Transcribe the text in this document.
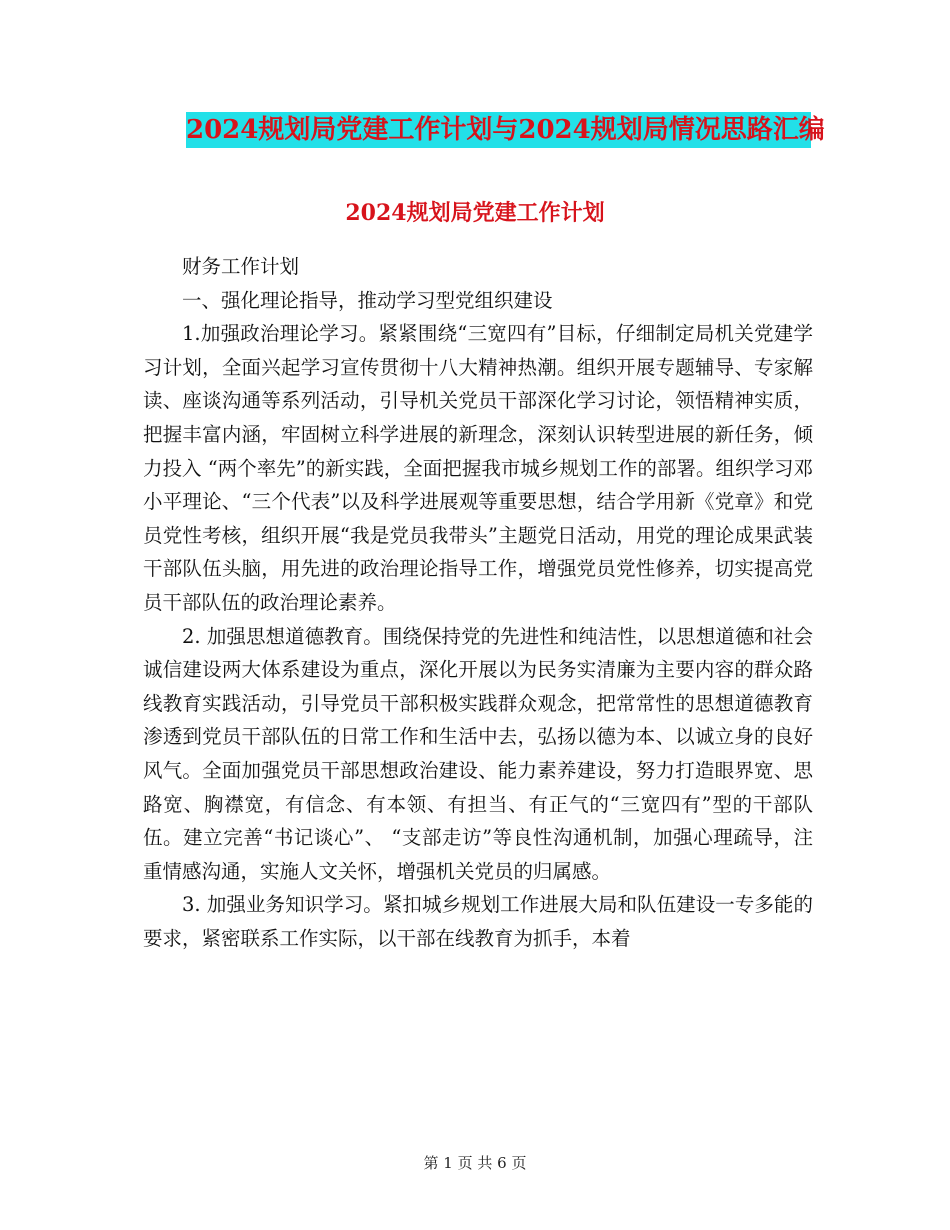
2024规划局党建工作计划与2024规划局情况思路汇编
2024规划局党建工作计划

财务工作计划

一、强化理论指导，推动学习型党组织建设

1.加强政治理论学习。紧紧围绕“三宽四有”目标，仔细制定局机关党建学习计划，全面兴起学习宣传贯彻十八大精神热潮。组织开展专题辅导、专家解读、座谈沟通等系列活动，引导机关党员干部深化学习讨论，领悟精神实质，把握丰富内涵，牢固树立科学进展的新理念，深刻认识转型进展的新任务，倾力投入 “两个率先”的新实践，全面把握我市城乡规划工作的部署。组织学习邓小平理论、“三个代表”以及科学进展观等重要思想，结合学用新《党章》和党员党性考核，组织开展“我是党员我带头”主题党日活动，用党的理论成果武装干部队伍头脑，用先进的政治理论指导工作，增强党员党性修养，切实提高党员干部队伍的政治理论素养。

2. 加强思想道德教育。围绕保持党的先进性和纯洁性，以思想道德和社会诚信建设两大体系建设为重点，深化开展以为民务实清廉为主要内容的群众路线教育实践活动，引导党员干部积极实践群众观念，把常常性的思想道德教育渗透到党员干部队伍的日常工作和生活中去，弘扬以德为本、以诚立身的良好风气。全面加强党员干部思想政治建设、能力素养建设，努力打造眼界宽、思路宽、胸襟宽，有信念、有本领、有担当、有正气的“三宽四有”型的干部队伍。建立完善“书记谈心”、 “支部走访”等良性沟通机制，加强心理疏导，注重情感沟通，实施人文关怀，增强机关党员的归属感。

3. 加强业务知识学习。紧扣城乡规划工作进展大局和队伍建设一专多能的要求，紧密联系工作实际，以干部在线教育为抓手，本着

第 1 页 共 6 页
